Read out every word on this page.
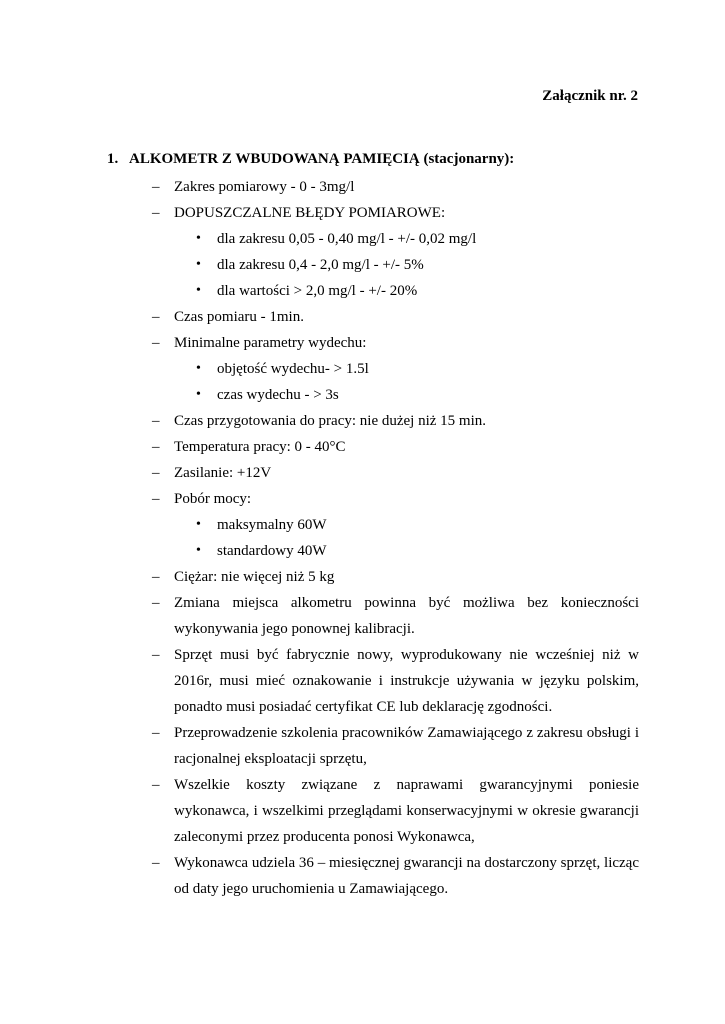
Załącznik nr. 2

1. ALKOMETR Z WBUDOWANĄ PAMIĘCIĄ (stacjonarny):

– Zakres pomiarowy - 0 - 3mg/l
– DOPUSZCZALNE BŁĘDY POMIAROWE:
• dla zakresu 0,05 - 0,40 mg/l - +/- 0,02 mg/l
• dla zakresu 0,4 - 2,0 mg/l - +/- 5%
• dla wartości > 2,0 mg/l - +/- 20%
– Czas pomiaru - 1min.
– Minimalne parametry wydechu:
• objętość wydechu- > 1.5l
• czas wydechu - > 3s
– Czas przygotowania do pracy: nie dużej niż 15 min.
– Temperatura pracy: 0 - 40°C
– Zasilanie: +12V
– Pobór mocy:
• maksymalny 60W
• standardowy 40W
– Ciężar: nie więcej niż 5 kg
– Zmiana miejsca alkometru powinna być możliwa bez konieczności wykonywania jego ponownej kalibracji.
– Sprzęt musi być fabrycznie nowy, wyprodukowany nie wcześniej niż w 2016r, musi mieć oznakowanie i instrukcje używania w języku polskim, ponadto musi posiadać certyfikat CE lub deklarację zgodności.
– Przeprowadzenie szkolenia pracowników Zamawiającego z zakresu obsługi i racjonalnej eksploatacji sprzętu,
– Wszelkie koszty związane z naprawami gwarancyjnymi poniesie wykonawca, i wszelkimi przeglądami konserwacyjnymi w okresie gwarancji zaleconymi przez producenta ponosi Wykonawca,
– Wykonawca udziela 36 – miesięcznej gwarancji na dostarczony sprzęt, licząc od daty jego uruchomienia u Zamawiającego.
